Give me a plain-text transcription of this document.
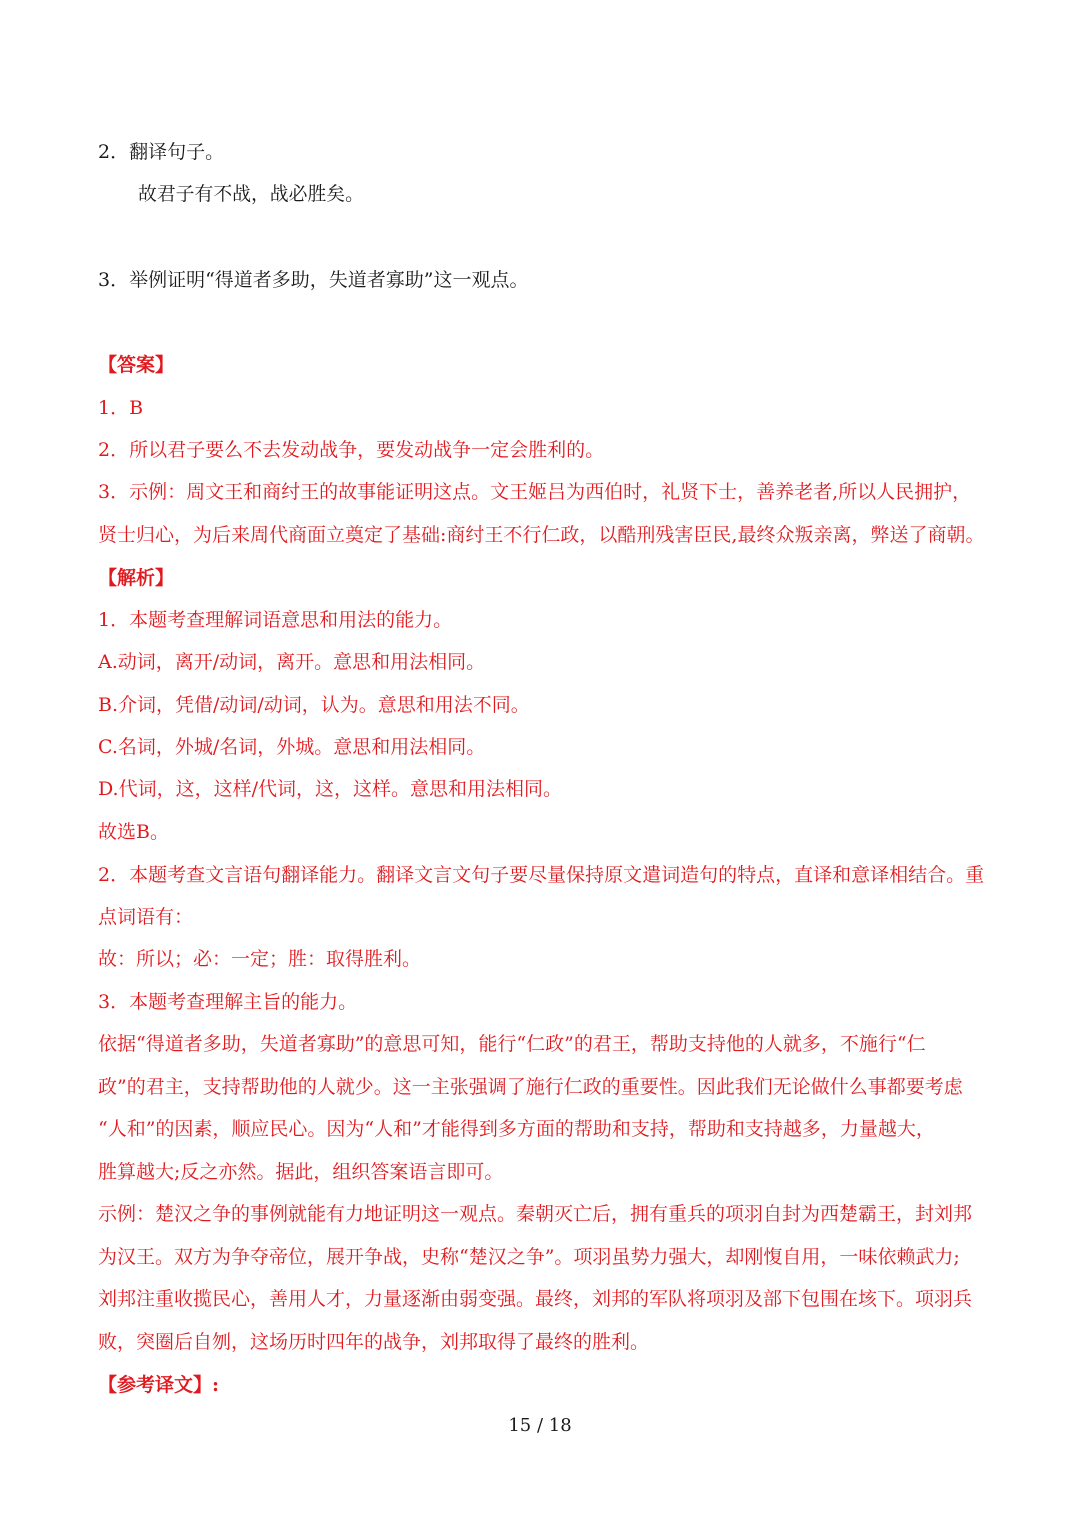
2．翻译句子。

故君子有不战，战必胜矣。

3．举例证明“得道者多助，失道者寡助”这一观点。

【答案】

1．B

2．所以君子要么不去发动战争，要发动战争一定会胜利的。

3．示例：周文王和商纣王的故事能证明这点。文王姬吕为西伯时，礼贤下士，善养老者,所以人民拥护，

贤士归心，为后来周代商面立奠定了基础:商纣王不行仁政，以酷刑残害臣民,最终众叛亲离，弊送了商朝。

【解析】

1．本题考查理解词语意思和用法的能力。

A.动词，离开/动词，离开。意思和用法相同。

B.介词，凭借/动词/动词，认为。意思和用法不同。

C.名词，外城/名词，外城。意思和用法相同。

D.代词，这，这样/代词，这，这样。意思和用法相同。

故选B。

2．本题考查文言语句翻译能力。翻译文言文句子要尽量保持原文遣词造句的特点，直译和意译相结合。重

点词语有：

故：所以；必：一定；胜：取得胜利。

3．本题考查理解主旨的能力。

依据“得道者多助，失道者寡助”的意思可知，能行“仁政”的君王，帮助支持他的人就多，不施行“仁

政”的君主，支持帮助他的人就少。这一主张强调了施行仁政的重要性。因此我们无论做什么事都要考虑

“人和”的因素，顺应民心。因为“人和”才能得到多方面的帮助和支持，帮助和支持越多，力量越大，

胜算越大;反之亦然。据此，组织答案语言即可。

示例：楚汉之争的事例就能有力地证明这一观点。秦朝灭亡后，拥有重兵的项羽自封为西楚霸王，封刘邦

为汉王。双方为争夺帝位，展开争战，史称“楚汉之争”。项羽虽势力强大，却刚愎自用，一味依赖武力;

刘邦注重收揽民心，善用人才，力量逐渐由弱变强。最终，刘邦的军队将项羽及部下包围在垓下。项羽兵

败，突圈后自刎，这场历时四年的战争，刘邦取得了最终的胜利。

【参考译文】:

15 / 18
